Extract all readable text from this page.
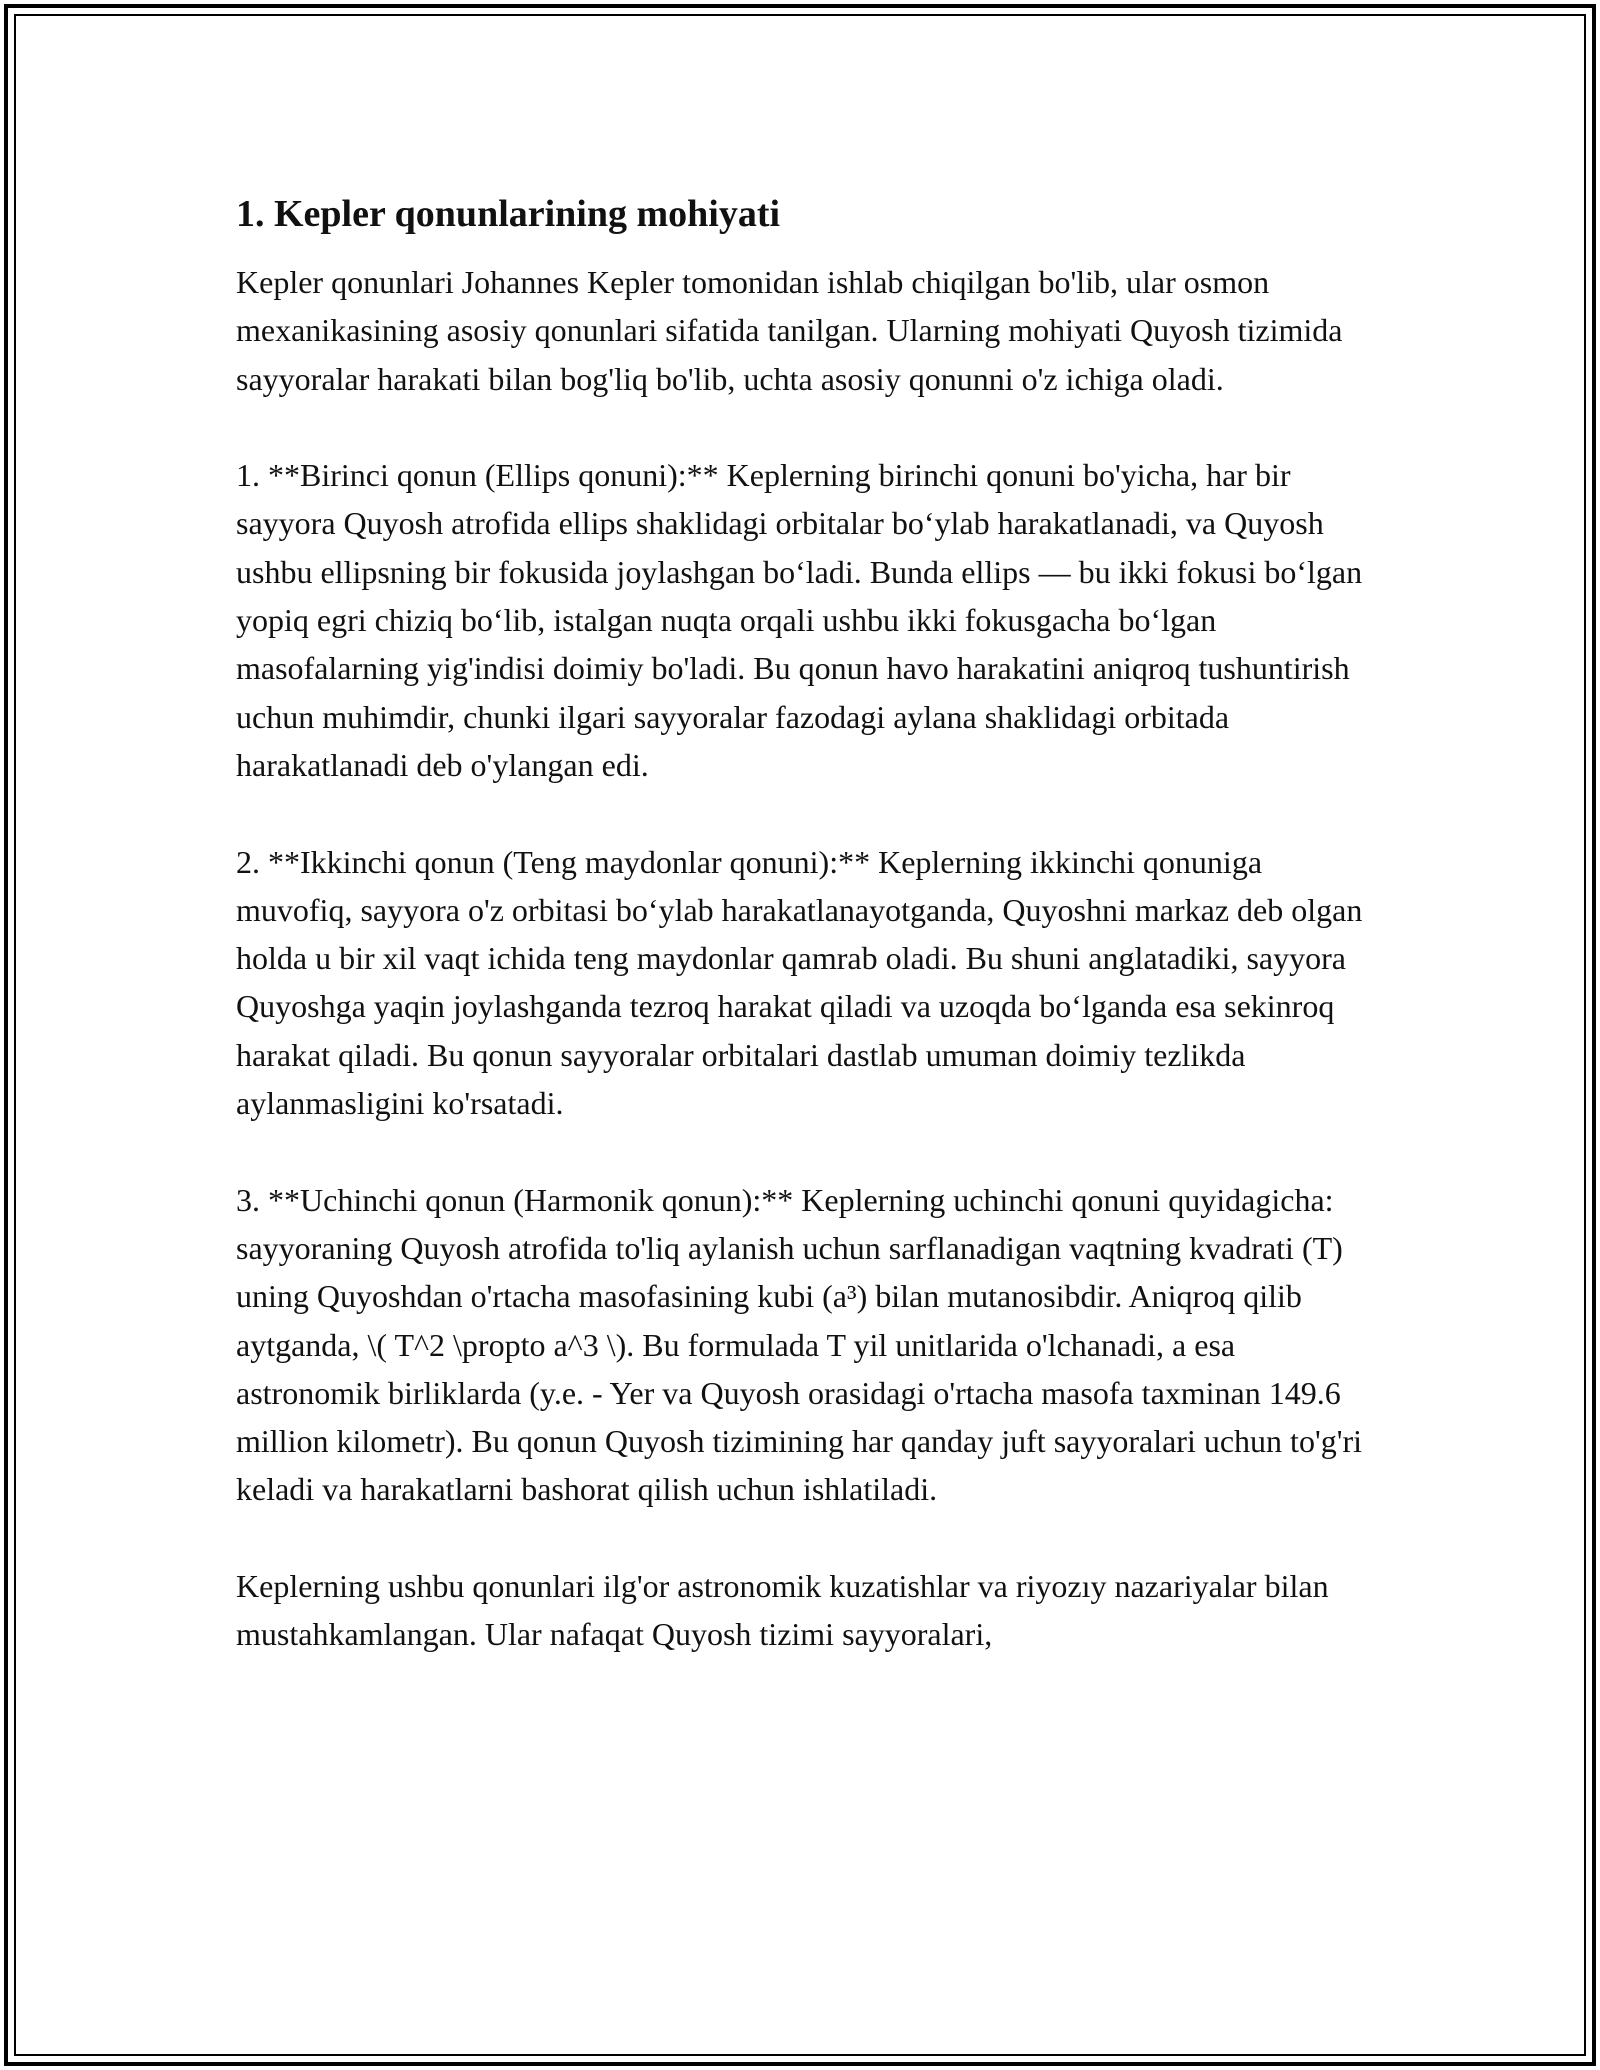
1. Kepler qonunlarining mohiyati

Kepler qonunlari Johannes Kepler tomonidan ishlab chiqilgan bo'lib, ular osmon mexanikasining asosiy qonunlari sifatida tanilgan. Ularning mohiyati Quyosh tizimida sayyoralar harakati bilan bog'liq bo'lib, uchta asosiy qonunni o'z ichiga oladi.

1. **Birinci qonun (Ellips qonuni):** Keplerning birinchi qonuni bo'yicha, har bir sayyora Quyosh atrofida ellips shaklidagi orbitalar bo‘ylab harakatlanadi, va Quyosh ushbu ellipsning bir fokusida joylashgan bo‘ladi. Bunda ellips — bu ikki fokusi bo‘lgan yopiq egri chiziq bo‘lib, istalgan nuqta orqali ushbu ikki fokusgacha bo‘lgan masofalarning yig'indisi doimiy bo'ladi. Bu qonun havo harakatini aniqroq tushuntirish uchun muhimdir, chunki ilgari sayyoralar fazodagi aylana shaklidagi orbitada harakatlanadi deb o'ylangan edi.

2. **Ikkinchi qonun (Teng maydonlar qonuni):** Keplerning ikkinchi qonuniga muvofiq, sayyora o'z orbitasi bo‘ylab harakatlanayotganda, Quyoshni markaz deb olgan holda u bir xil vaqt ichida teng maydonlar qamrab oladi. Bu shuni anglatadiki, sayyora Quyoshga yaqin joylashganda tezroq harakat qiladi va uzoqda bo‘lganda esa sekinroq harakat qiladi. Bu qonun sayyoralar orbitalari dastlab umuman doimiy tezlikda aylanmasligini ko'rsatadi.

3. **Uchinchi qonun (Harmonik qonun):** Keplerning uchinchi qonuni quyidagicha: sayyoraning Quyosh atrofida to'liq aylanish uchun sarflanadigan vaqtning kvadrati (T) uning Quyoshdan o'rtacha masofasining kubi (a³) bilan mutanosibdir. Aniqroq qilib aytganda, \( T^2 \propto a^3 \). Bu formulada T yil unitlarida o'lchanadi, a esa astronomik birliklarda (y.e. - Yer va Quyosh orasidagi o'rtacha masofa taxminan 149.6 million kilometr). Bu qonun Quyosh tizimining har qanday juft sayyoralari uchun to'g'ri keladi va harakatlarni bashorat qilish uchun ishlatiladi.

Keplerning ushbu qonunlari ilg'or astronomik kuzatishlar va riyozıy nazariyalar bilan mustahkamlangan. Ular nafaqat Quyosh tizimi sayyoralari,
